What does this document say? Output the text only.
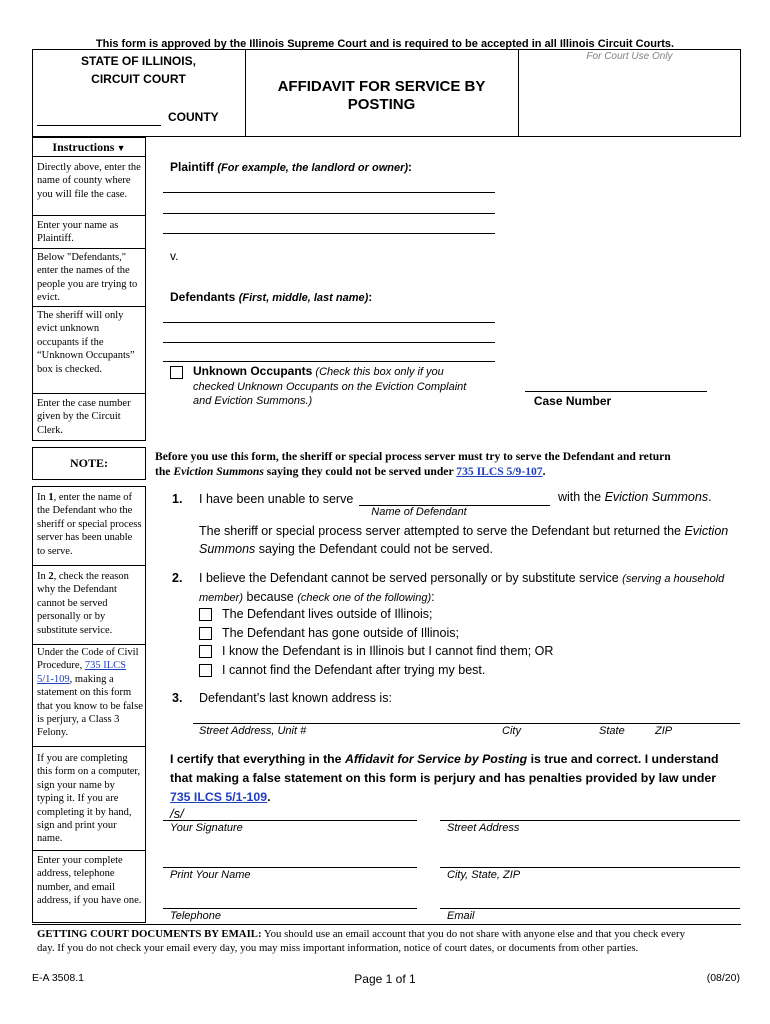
This form is approved by the Illinois Supreme Court and is required to be accepted in all Illinois Circuit Courts.
STATE OF ILLINOIS,
CIRCUIT COURT
COUNTY
AFFIDAVIT FOR SERVICE BY
POSTING
For Court Use Only
Instructions ▼
Directly above, enter the name of county where you will file the case.
Enter your name as Plaintiff.
Below "Defendants," enter the names of the people you are trying to evict.
The sheriff will only evict unknown occupants if the “Unknown Occupants” box is checked.
Enter the case number given by the Circuit Clerk.
Plaintiff (For example, the landlord or owner):
v.
Defendants (First, middle, last name):
Unknown Occupants (Check this box only if you
checked Unknown Occupants on the Eviction Complaint
and Eviction Summons.)	Case Number
NOTE:	Before you use this form, the sheriff or special process server must try to serve the Defendant and return
the Eviction Summons saying they could not be served under 735 ILCS 5/9-107.
In 1, enter the name of the Defendant who the sheriff or special process server has been unable to serve.
In 2, check the reason why the Defendant cannot be served personally or by substitute service.
Under the Code of Civil Procedure, 735 ILCS 5/1-109, making a statement on this form that you know to be false is perjury, a Class 3 Felony.
If you are completing this form on a computer, sign your name by typing it. If you are completing it by hand, sign and print your name.
Enter your complete address, telephone number, and email address, if you have one.
1. I have been unable to serve	with the Eviction Summons.
Name of Defendant
The sheriff or special process server attempted to serve the Defendant but returned the Eviction
Summons saying the Defendant could not be served.
2. I believe the Defendant cannot be served personally or by substitute service (serving a household
member) because (check one of the following):
The Defendant lives outside of Illinois;
The Defendant has gone outside of Illinois;
I know the Defendant is in Illinois but I cannot find them; OR
I cannot find the Defendant after trying my best.
3. Defendant’s last known address is:
Street Address, Unit #	City	State	ZIP
I certify that everything in the Affidavit for Service by Posting is true and correct. I understand
that making a false statement on this form is perjury and has penalties provided by law under
735 ILCS 5/1-109.
/s/
Your Signature	Street Address
Print Your Name	City, State, ZIP
Telephone	Email
GETTING COURT DOCUMENTS BY EMAIL: You should use an email account that you do not share with anyone else and that you check every
day. If you do not check your email every day, you may miss important information, notice of court dates, or documents from other parties.
E-A 3508.1	Page 1 of 1	(08/20)
